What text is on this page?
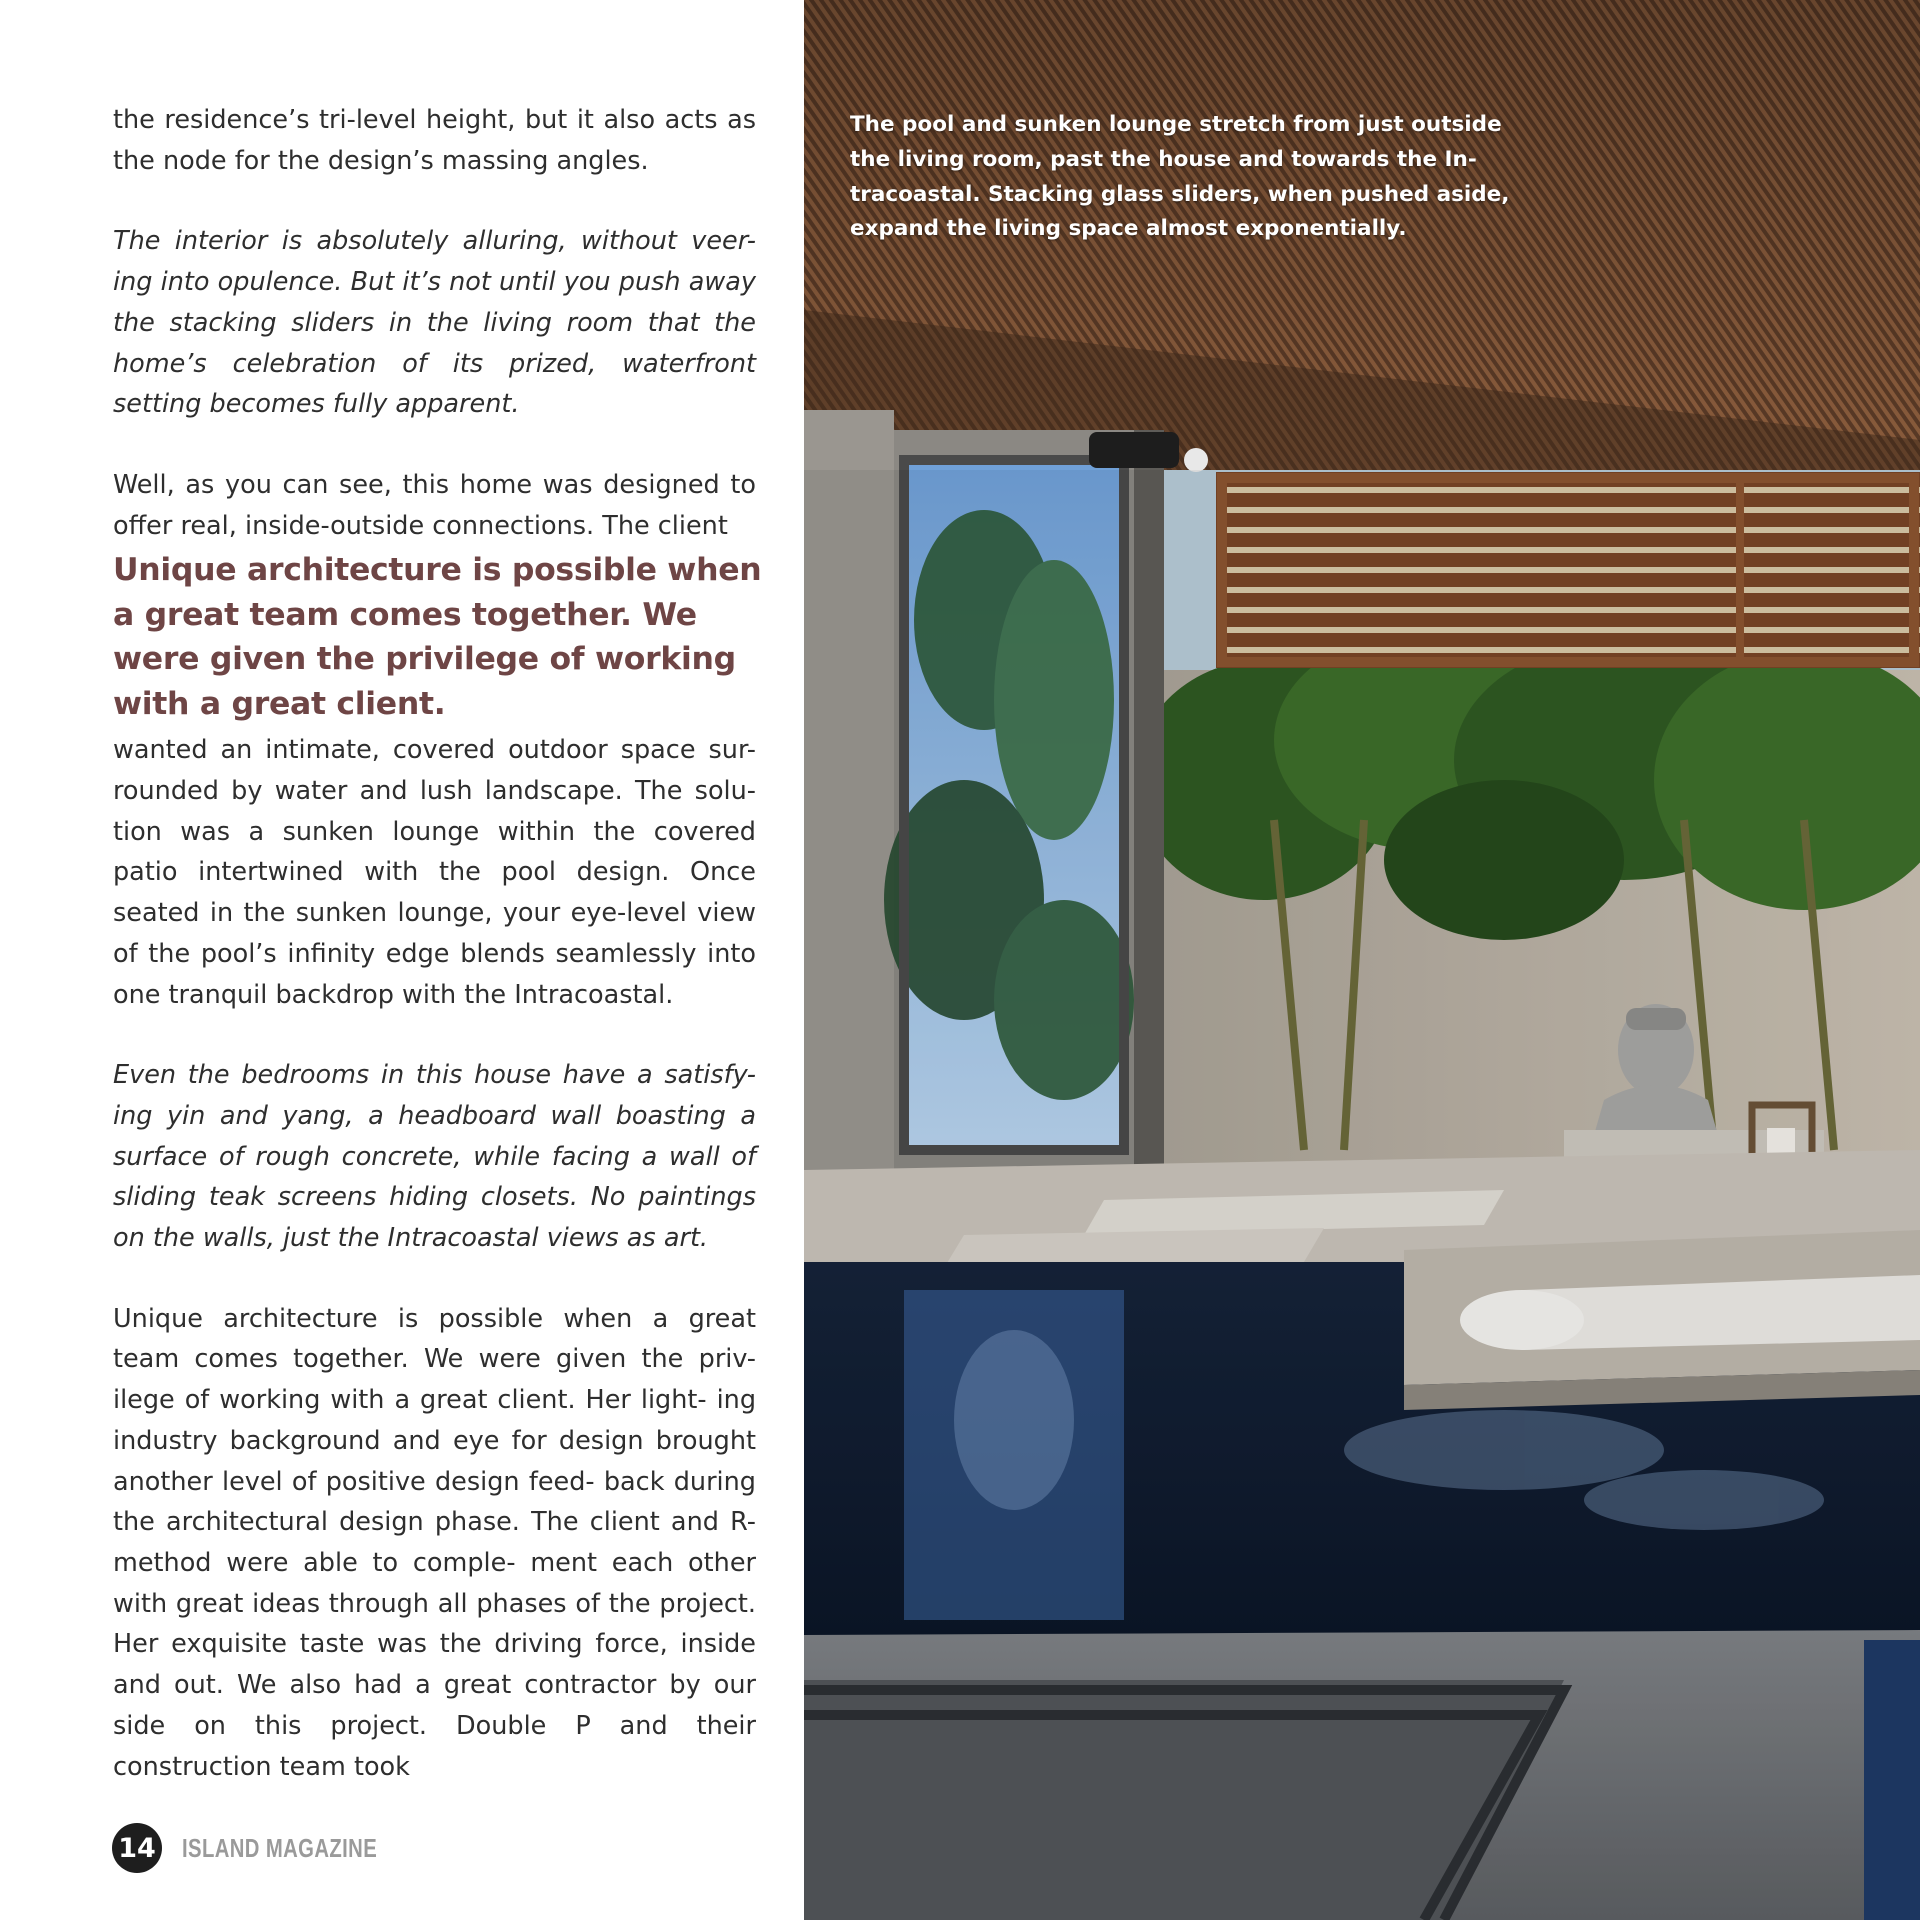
the residence’s tri-level height, but it also acts as the node for the design’s massing angles.
The interior is absolutely alluring, without veer- ing into opulence. But it’s not until you push away the stacking sliders in the living room that the home’s celebration of its prized, waterfront setting becomes fully apparent.
Well, as you can see, this home was designed to offer real, inside-outside connections. The client
Unique architecture is possible when
a great team comes together. We
were given the privilege of working
with a great client.
wanted an intimate, covered outdoor space sur- rounded by water and lush landscape. The solu- tion was a sunken lounge within the covered patio intertwined with the pool design. Once seated in the sunken lounge, your eye-level view of the pool’s infinity edge blends seamlessly into one tranquil backdrop with the Intracoastal.
Even the bedrooms in this house have a satisfy- ing yin and yang, a headboard wall boasting a surface of rough concrete, while facing a wall of sliding teak screens hiding closets. No paintings on the walls, just the Intracoastal views as art.
Unique architecture is possible when a great team comes together. We were given the priv- ilege of working with a great client. Her light- ing industry background and eye for design brought another level of positive design feed- back during the architectural design phase. The client and R-method were able to comple- ment each other with great ideas through all phases of the project. Her exquisite taste was the driving force, inside and out. We also had a great contractor by our side on this project. Double P and their construction team took
14 ISLAND MAGAZINE
The pool and sunken lounge stretch from just outside
the living room, past the house and towards the In-
tracoastal. Stacking glass sliders, when pushed aside,
expand the living space almost exponentially.
